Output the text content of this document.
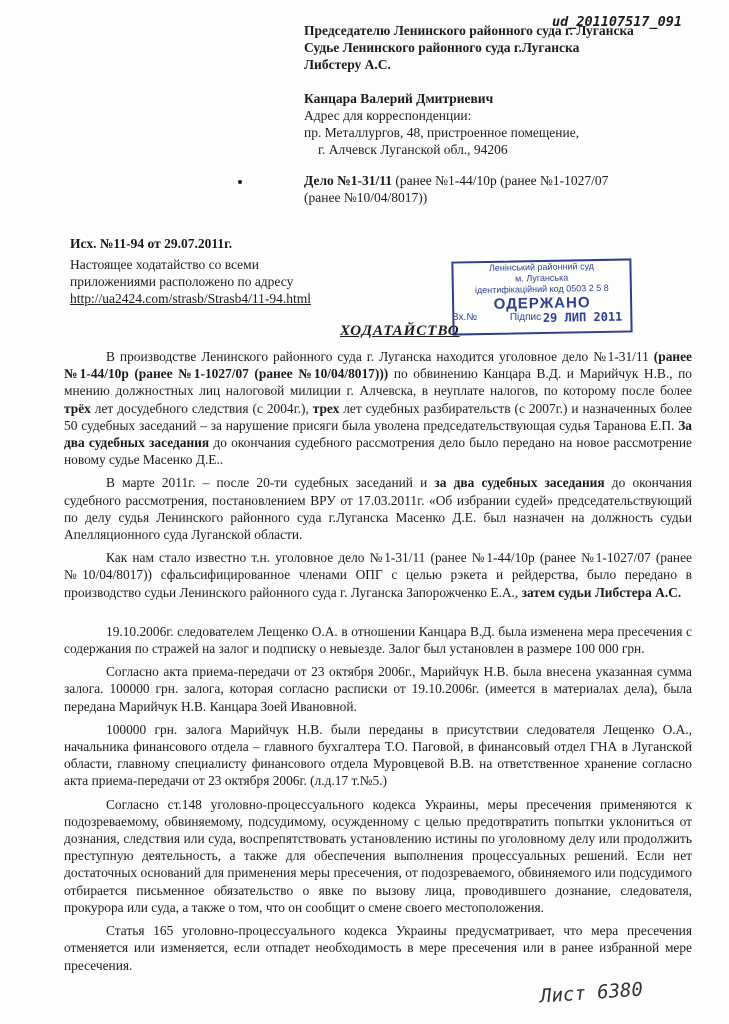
ud_201107517_091
Председателю Ленинского районного суда г. Луганска
Судье Ленинского районного суда г.Луганска
Либстеру А.С.
Канцара Валерий Дмитриевич
Адрес для корреспонденции:
пр. Металлургов, 48, пристроенное помещение,
г. Алчевск Луганской обл., 94206
Дело №1-31/11 (ранее №1-44/10р (ранее №1-1027/07
(ранее №10/04/8017))
Исх. №11-94 от 29.07.2011г.
Настоящее ходатайство со всеми
приложениями расположено по адресу
http://ua2424.com/strasb/Strasb4/11-94.html
Ленінський районний суд
м. Луганська
ідентифікаційний код 0503 2 5 8
ОДЕРЖАНО
29 ЛИП 2011
Вх.№	Підпис
ХОДАТАЙСТВО

В производстве Ленинского районного суда г. Луганска находится уголовное дело №1-31/11 (ранее №1-44/10р (ранее №1-1027/07 (ранее №10/04/8017))) по обвинению Канцара В.Д. и Марийчук Н.В., по мнению должностных лиц налоговой милиции г. Алчевска, в неуплате налогов, по которому после более трёх лет досудебного следствия (с 2004г.), трех лет судебных разбирательств (с 2007г.) и назначенных более 50 судебных заседаний – за нарушение присяги была уволена председательствующая судья Таранова Е.П. За два судебных заседания до окончания судебного рассмотрения дело было передано на новое рассмотрение новому судье Масенко Д.Е..

В марте 2011г. – после 20-ти судебных заседаний и за два судебных заседания до окончания судебного рассмотрения, постановлением ВРУ от 17.03.2011г. «Об избрании судей» председательствующий по делу судья Ленинского районного суда г.Луганска Масенко Д.Е. был назначен на должность судьи Апелляционного суда Луганской области.

Как нам стало известно т.н. уголовное дело №1-31/11 (ранее №1-44/10р (ранее №1-1027/07 (ранее №10/04/8017)) сфальсифицированное членами ОПГ с целью рэкета и рейдерства, было передано в производство судьи Ленинского районного суда г. Луганска Запорожченко Е.А., затем судьи Либстера А.С.

19.10.2006г. следователем Лещенко О.А. в отношении Канцара В.Д. была изменена мера пресечения с содержания по стражей на залог и подписку о невыезде. Залог был установлен в размере 100 000 грн.

Согласно акта приема-передачи от 23 октября 2006г., Марийчук Н.В. была внесена указанная сумма залога. 100000 грн. залога, которая согласно расписки от 19.10.2006г. (имеется в материалах дела), была передана Марийчук Н.В. Канцара Зоей Ивановной.

100000 грн. залога Марийчук Н.В. были переданы в присутствии следователя Лещенко О.А., начальника финансового отдела – главного бухгалтера Т.О. Паговой, в финансовый отдел ГНА в Луганской области, главному специалисту финансового отдела Муровцевой В.В. на ответственное хранение согласно акта приема-передачи от 23 октября 2006г. (л.д.17 т.№5.)

Согласно ст.148 уголовно-процессуального кодекса Украины, меры пресечения применяются к подозреваемому, обвиняемому, подсудимому, осужденному с целью предотвратить попытки уклониться от дознания, следствия или суда, воспрепятствовать установлению истины по уголовному делу или продолжить преступную деятельность, а также для обеспечения выполнения процессуальных решений. Если нет достаточных оснований для применения меры пресечения, от подозреваемого, обвиняемого или подсудимого отбирается письменное обязательство о явке по вызову лица, проводившего дознание, следователя, прокурора или суда, а также о том, что он сообщит о смене своего местоположения.

Статья 165 уголовно-процессуального кодекса Украины предусматривает, что мера пресечения отменяется или изменяется, если отпадет необходимость в мере пресечения или в ранее избранной мере пресечения.

Лист 6380
